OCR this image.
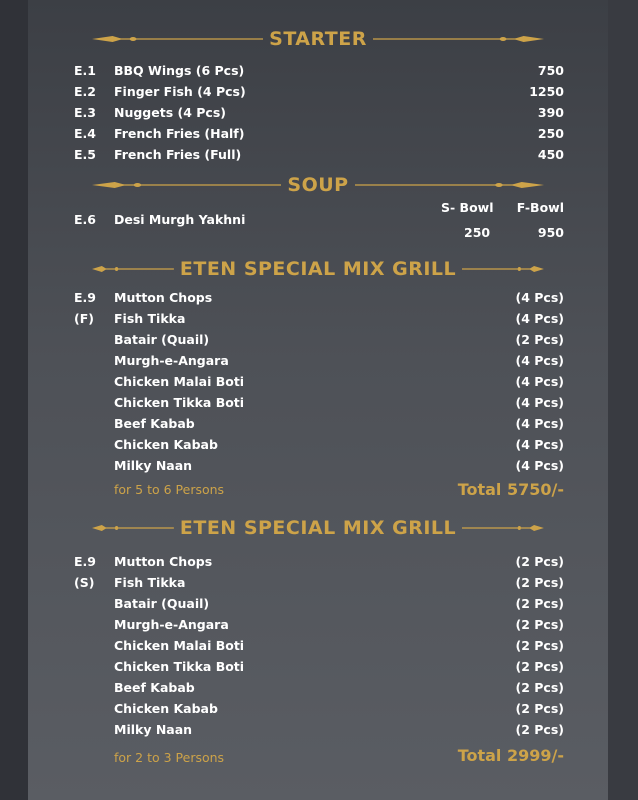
STARTER
E.1 BBQ Wings (6 Pcs)	750
E.2 Finger Fish (4 Pcs)	1250
E.3 Nuggets (4 Pcs)	390
E.4 French Fries (Half)	250
E.5 French Fries (Full)	450
SOUP
S- Bowl F-Bowl
E.6 Desi Murgh Yakhni
250	950
ETEN SPECIAL MIX GRILL
E.9
(F)
Mutton Chops	(4 Pcs)
Fish Tikka	(4 Pcs)
Batair (Quail)	(2 Pcs)
Murgh-e-Angara	(4 Pcs)
Chicken Malai Boti	(4 Pcs)
Chicken Tikka Boti	(4 Pcs)
Beef Kabab	(4 Pcs)
Chicken Kabab	(4 Pcs)
Milky Naan	(4 Pcs)
for 5 to 6 Persons	Total 5750/-
ETEN SPECIAL MIX GRILL
E.9
(S)
Mutton Chops	(2 Pcs)
Fish Tikka	(2 Pcs)
Batair (Quail)	(2 Pcs)
Murgh-e-Angara	(2 Pcs)
Chicken Malai Boti	(2 Pcs)
Chicken Tikka Boti	(2 Pcs)
Beef Kabab	(2 Pcs)
Chicken Kabab	(2 Pcs)
Milky Naan	(2 Pcs)
for 2 to 3 Persons	Total 2999/-
